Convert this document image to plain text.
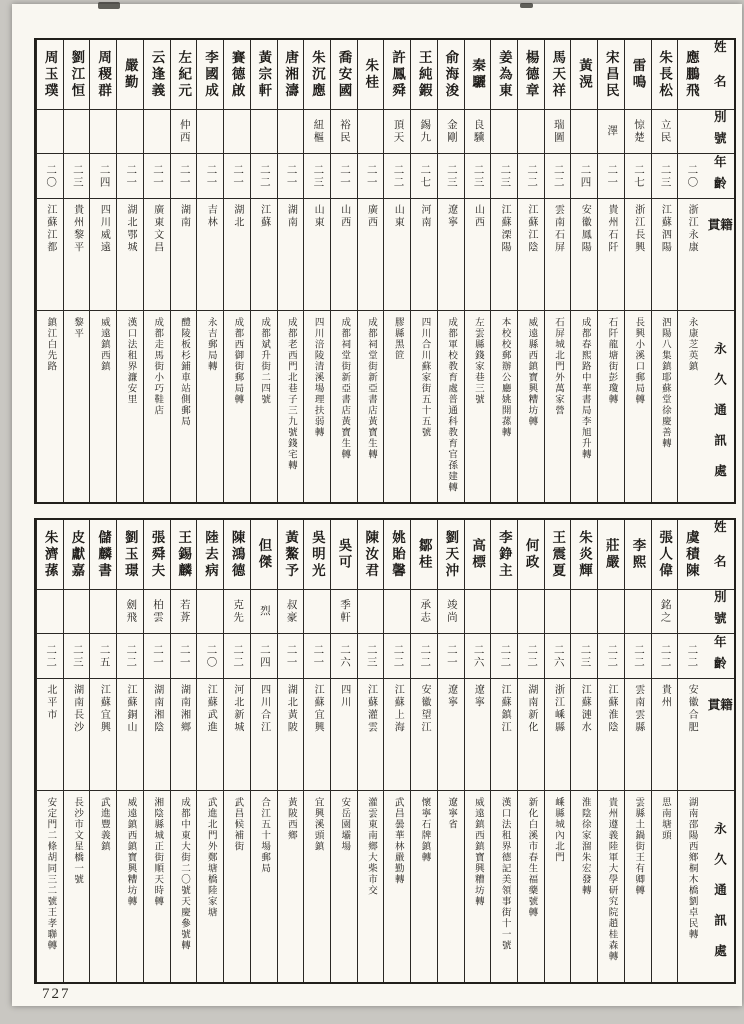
姓名
別號
年齡
籍貫
永久通訊處
應鵬飛
二〇
浙江永康
永康芝英鎮
朱長松
立民
二三
江蘇泗陽
泗陽八集鎮耶蘇堂徐慶善轉
雷鳴
惊楚
二七
浙江長興
長興小溪口郵局轉
宋昌民
澤
二一
貴州石阡
石阡龍塘街彭瓊轉
黃滉
二四
安徽鳳陽
成都春熙路中華書局李旭升轉
馬天祥
瑞圖
二二
雲南石屏
石屏城北門外萬家營
楊德章
二二
江蘇江陰
威遠縣西鎮寶興糟坊轉
姜為東
二三
江蘇溧陽
本校校郵辦公廳姚開蓀轉
秦驪
良驥
二三
山西
左雲縣錢家巷三號
俞海浚
金剛
二三
遼寧
成都軍校教育處普通科教育官孫建轉
王純鍜
錫九
二七
河南
四川合川蘇家街五十五號
許鳳舜
頂天
二二
山東
膠縣黑笸
朱桂
二一
廣西
成都祠堂街新亞書店黃寶生轉
喬安國
裕民
二一
山西
成都祠堂街新亞書店黃寶生轉
朱沉應
紐樞
二三
山東
四川涪陵清溪場理扶弱轉
唐湘濤
二一
湖南
成都老西門北巷子三九號錢宅轉
黃宗軒
二二
江蘇
成都斌升街二四號
賽德啟
二一
湖北
成都西御街郵局轉
李國成
二一
吉林
永吉郵局轉
左紀元
仲西
二一
湖南
醴陵板杉鋪車站側郵局
云逢義
二一
廣東文昌
成都走馬街小巧鞋店
嚴勤
二一
湖北鄂城
漢口法租界濂安里
周稷群
二四
四川威遠
威遠鎮西鎮
劉江恒
二三
貴州黎平
黎平
周玉璞
二〇
江蘇江都
鎮江白先路
姓名
別號
年齡
籍貫
永久通訊處
虞積陳
二二
安徽合肥
湖南邵陽西鄉桐木橋劉卓民轉
張人偉
銘之
二二
貴州
思南塘頭
李熙
二二
雲南雲縣
雲縣土鍋街王有卿轉
莊嚴
二二
江蘇淮陰
貴州遵義陸軍大學研究院趙桂森轉
朱炎輝
二三
江蘇漣水
淮陰徐家溜朱宏發轉
王震夏
二六
浙江嵊縣
嵊縣城內北門
何政
二二
湖南新化
新化白溪市春生福藥號轉
李錚主
二二
江蘇鎮江
漢口法租界德記美領事街十一號
高標
二六
遼寧
威遠鎮西鎮寶興糟坊轉
劉天沖
竣尚
二一
遼寧
遼寧省
鄒桂
承志
二二
安徽望江
懷寧石牌鎮轉
姚貽馨
二二
江蘇上海
武昌曇華林嚴勤轉
陳汝君
二三
江蘇灌雲
灌雲東南鄉大柴市交
吳可
季軒
二六
四川
安岳園壩場
吳明光
二一
江蘇宜興
宜興溪頭鎮
黃鰲予
叔豪
二一
湖北黃陂
黃陂西鄉
但傑
烈
二四
四川合江
合江五十場郵局
陳鴻德
克先
二二
河北新城
武昌候補街
陸去病
二〇
江蘇武進
武進北門外鄭塘橋陸家塘
王錫麟
若葊
二一
湖南湘鄉
成都中東大街二〇號天慶參號轉
張舜夫
柏雲
二一
湖南湘陰
湘陰縣城正街順天時轉
劉玉璟
劍飛
二二
江蘇銅山
威遠鎮西鎮寶興糟坊轉
儲麟書
二五
江蘇宜興
武進豐義鎮
皮獻嘉
二三
湖南長沙
長沙市文星橋一號
朱濟蓀
二二
北平市
安定門二條胡同三二號王孝聯轉
727
